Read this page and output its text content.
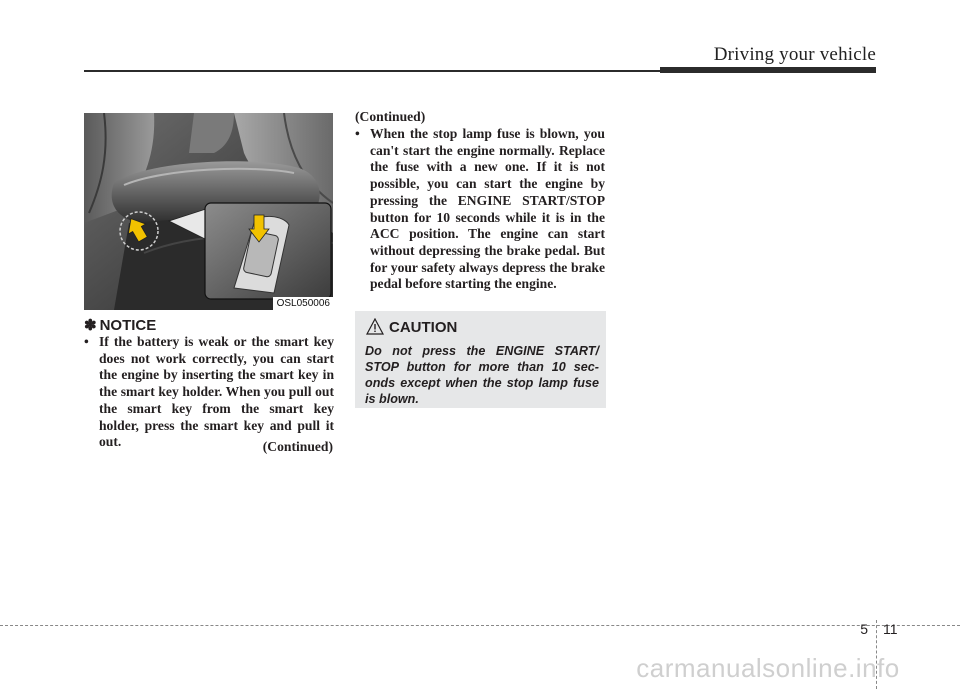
Driving your vehicle
OSL050006
✽ NOTICE
• If the battery is weak or the smart key does not work correctly, you can start the engine by inserting the smart key in the smart key holder. When you pull out the smart key from the smart key holder, press the smart key and pull it out.	(Continued)
(Continued)
• When the stop lamp fuse is blown, you can't start the engine normally. Replace the fuse with a new one. If it is not possible, you can start the engine by pressing the ENGINE START/STOP button for 10 seconds while it is in the ACC position. The engine can start without depressing the brake pedal. But for your safety always depress the brake pedal before starting the engine.
CAUTION
Do not press the ENGINE START/ STOP button for more than 10 sec- onds except when the stop lamp fuse is blown.
5 11
carmanualsonline.info
